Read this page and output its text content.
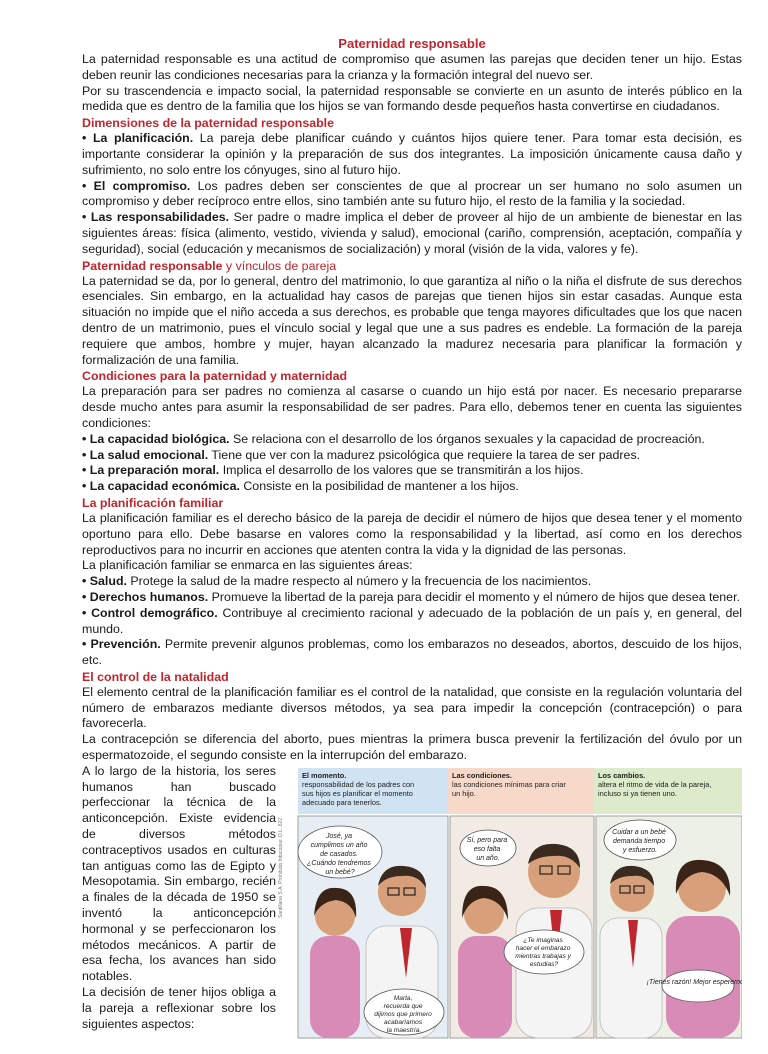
Paternidad responsable

La paternidad responsable es una actitud de compromiso que asumen las parejas que deciden tener un hijo. Estas deben reunir las condiciones necesarias para la crianza y la formación integral del nuevo ser.

Por su trascendencia e impacto social, la paternidad responsable se convierte en un asunto de interés público en la medida que es dentro de la familia que los hijos se van formando desde pequeños hasta convertirse en ciudadanos.

Dimensiones de la paternidad responsable

• La planificación. La pareja debe planificar cuándo y cuántos hijos quiere tener. Para tomar esta decisión, es importante considerar la opinión y la preparación de sus dos integrantes. La imposición únicamente causa daño y sufrimiento, no solo entre los cónyuges, sino al futuro hijo.

• El compromiso. Los padres deben ser conscientes de que al procrear un ser humano no solo asumen un compromiso y deber recíproco entre ellos, sino también ante su futuro hijo, el resto de la familia y la sociedad.

• Las responsabilidades. Ser padre o madre implica el deber de proveer al hijo de un ambiente de bienestar en las siguientes áreas: física (alimento, vestido, vivienda y salud), emocional (cariño, comprensión, aceptación, compañía y seguridad), social (educación y mecanismos de socialización) y moral (visión de la vida, valores y fe).

Paternidad responsable y vínculos de pareja

La paternidad se da, por lo general, dentro del matrimonio, lo que garantiza al niño o la niña el disfrute de sus derechos esenciales. Sin embargo, en la actualidad hay casos de parejas que tienen hijos sin estar casadas. Aunque esta situación no impide que el niño acceda a sus derechos, es probable que tenga mayores dificultades que los que nacen dentro de un matrimonio, pues el vínculo social y legal que une a sus padres es endeble. La formación de la pareja requiere que ambos, hombre y mujer, hayan alcanzado la madurez necesaria para planificar la formación y formalización de una familia.

Condiciones para la paternidad y maternidad

La preparación para ser padres no comienza al casarse o cuando un hijo está por nacer. Es necesario prepararse desde mucho antes para asumir la responsabilidad de ser padres. Para ello, debemos tener en cuenta las siguientes condiciones:

• La capacidad biológica. Se relaciona con el desarrollo de los órganos sexuales y la capacidad de procreación.

• La salud emocional. Tiene que ver con la madurez psicológica que requiere la tarea de ser padres.

• La preparación moral. Implica el desarrollo de los valores que se transmitirán a los hijos.

• La capacidad económica. Consiste en la posibilidad de mantener a los hijos.

La planificación familiar

La planificación familiar es el derecho básico de la pareja de decidir el número de hijos que desea tener y el momento oportuno para ello. Debe basarse en valores como la responsabilidad y la libertad, así como en los derechos reproductivos para no incurrir en acciones que atenten contra la vida y la dignidad de las personas.

La planificación familiar se enmarca en las siguientes áreas:

• Salud. Protege la salud de la madre respecto al número y la frecuencia de los nacimientos.

• Derechos humanos. Promueve la libertad de la pareja para decidir el momento y el número de hijos que desea tener.

• Control demográfico. Contribuye al crecimiento racional y adecuado de la población de un país y, en general, del mundo.

• Prevención. Permite prevenir algunos problemas, como los embarazos no deseados, abortos, descuido de los hijos, etc.

El control de la natalidad

El elemento central de la planificación familiar es el control de la natalidad, que consiste en la regulación voluntaria del número de embarazos mediante diversos métodos, ya sea para impedir la concepción (contracepción) o para favorecerla.

La contracepción se diferencia del aborto, pues mientras la primera busca prevenir la fertilización del óvulo por un espermatozoide, el segundo consiste en la interrupción del embarazo.

A lo largo de la historia, los seres humanos han buscado perfeccionar la técnica de la anticoncepción. Existe evidencia de diversos métodos contraceptivos usados en culturas tan antiguas como las de Egipto y Mesopotamia. Sin embargo, recién a finales de la década de 1950 se inventó la anticoncepción hormonal y se perfeccionaron los métodos mecánicos. A partir de esa fecha, los avances han sido notables.

La decisión de tener hijos obliga a la pareja a reflexionar sobre los siguientes aspectos:

El momento. responsabilidad de los padres con sus hijos es planificar el momento adecuado para tenerlos.
Las condiciones. las condiciones mínimas para criar un hijo.
Los cambios. altera el ritmo de vida de la pareja, incluso si ya tienen uno.
José, ya cumplimos un año de casados. ¿Cuándo tendremos un bebé?
Marta, recuerda que dijimos que primero acabaríamos la maestría.
Sí, pero para eso falta un año.
¿Te imaginas hacer el embarazo mientras trabajas y estudias?
Cuidar a un bebé demanda tiempo y esfuerzo.
¡Tienes razón! Mejor esperemos.
Santillana S.A. Prohibido fotocopiar. D.L. 822
